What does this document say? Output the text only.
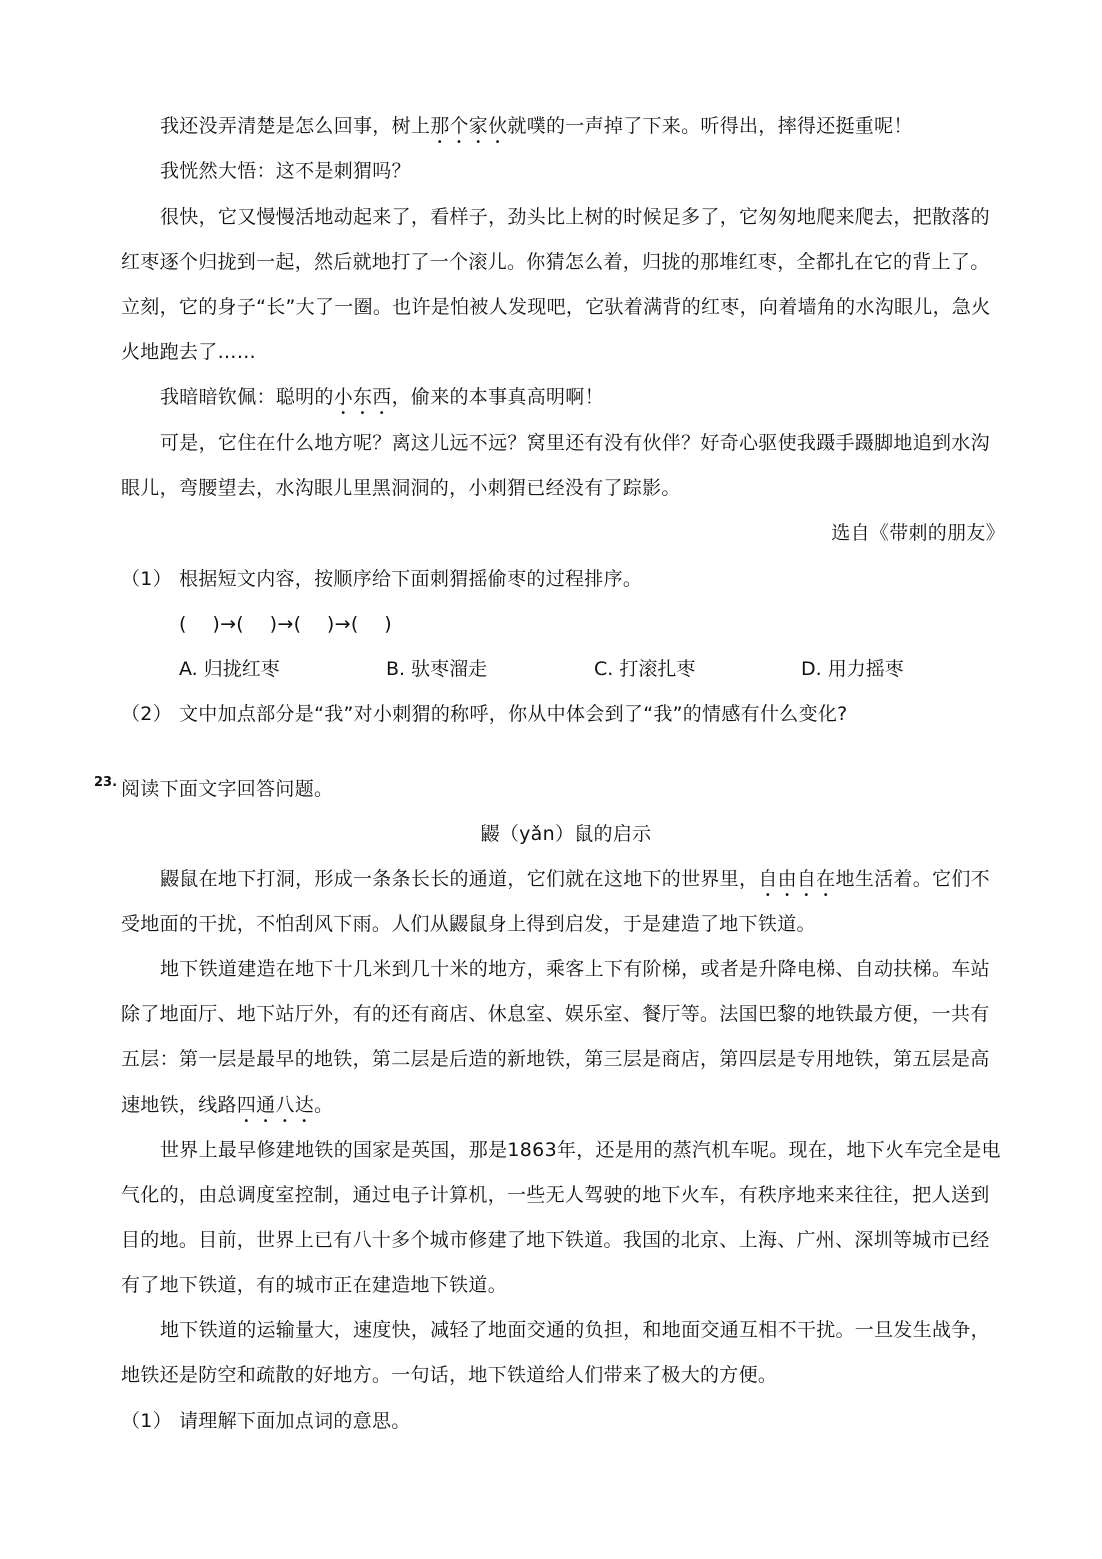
我还没弄清楚是怎么回事，树上那个家伙就噗的一声掉了下来。听得出，摔得还挺重呢！
我恍然大悟：这不是刺猬吗？
很快，它又慢慢活地动起来了，看样子，劲头比上树的时候足多了，它匆匆地爬来爬去，把散落的
红枣逐个归拢到一起，然后就地打了一个滚儿。你猜怎么着，归拢的那堆红枣，全都扎在它的背上了。
立刻，它的身子“长”大了一圈。也许是怕被人发现吧，它驮着满背的红枣，向着墙角的水沟眼儿，急火
火地跑去了……
我暗暗钦佩：聪明的小东西，偷来的本事真高明啊！
可是，它住在什么地方呢？离这儿远不远？窝里还有没有伙伴？好奇心驱使我蹑手蹑脚地追到水沟
眼儿，弯腰望去，水沟眼儿里黑洞洞的，小刺猬已经没有了踪影。
选自《带刺的朋友》
（1） 根据短文内容，按顺序给下面刺猬摇偷枣的过程排序。
(　 )→(　 )→(　 )→(　 )
A. 归拢红枣	B. 驮枣溜走	C. 打滚扎枣	D. 用力摇枣
（2） 文中加点部分是“我”对小刺猬的称呼，你从中体会到了“我”的情感有什么变化?
23. 阅读下面文字回答问题。
鼹（yǎn）鼠的启示
鼹鼠在地下打洞，形成一条条长长的通道，它们就在这地下的世界里，自由自在地生活着。它们不
受地面的干扰，不怕刮风下雨。人们从鼹鼠身上得到启发，于是建造了地下铁道。
地下铁道建造在地下十几米到几十米的地方，乘客上下有阶梯，或者是升降电梯、自动扶梯。车站
除了地面厅、地下站厅外，有的还有商店、休息室、娱乐室、餐厅等。法国巴黎的地铁最方便，一共有
五层：第一层是最早的地铁，第二层是后造的新地铁，第三层是商店，第四层是专用地铁，第五层是高
速地铁，线路四通八达。
世界上最早修建地铁的国家是英国，那是1863年，还是用的蒸汽机车呢。现在，地下火车完全是电
气化的，由总调度室控制，通过电子计算机，一些无人驾驶的地下火车，有秩序地来来往往，把人送到
目的地。目前，世界上已有八十多个城市修建了地下铁道。我国的北京、上海、广州、深圳等城市已经
有了地下铁道，有的城市正在建造地下铁道。
地下铁道的运输量大，速度快，减轻了地面交通的负担，和地面交通互相不干扰。一旦发生战争，
地铁还是防空和疏散的好地方。一句话，地下铁道给人们带来了极大的方便。
（1） 请理解下面加点词的意思。
